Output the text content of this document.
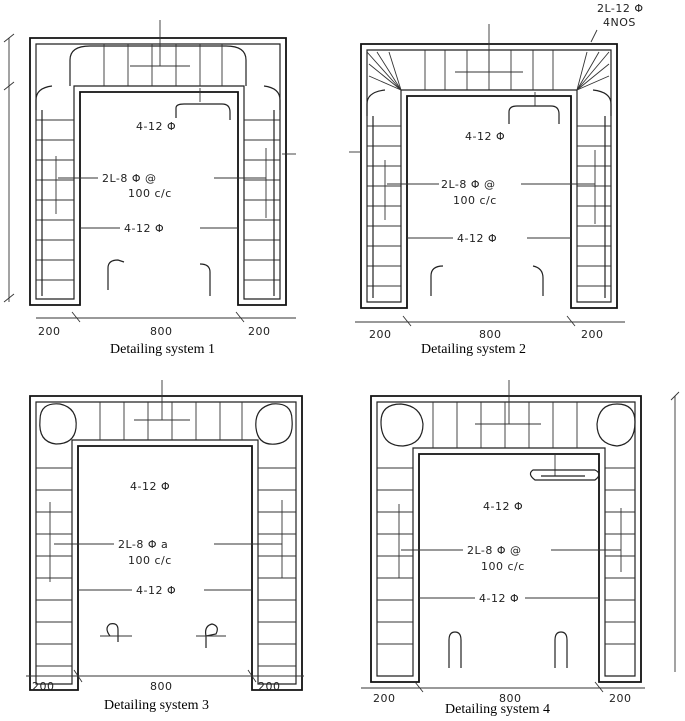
4-12 Φ
2L-8 Φ @
100 c/c
4-12 Φ
200	800	200
Detailing system 1
2L-12 Φ
4NOS
4-12 Φ
2L-8 Φ @
100 c/c
4-12 Φ
200	800	200
Detailing system 2
4-12 Φ
2L-8 Φ a
100 c/c
4-12 Φ
200	800	200
Detailing system 3
4-12 Φ
2L-8 Φ @
100 c/c
4-12 Φ
200	800	200
Detailing system 4
